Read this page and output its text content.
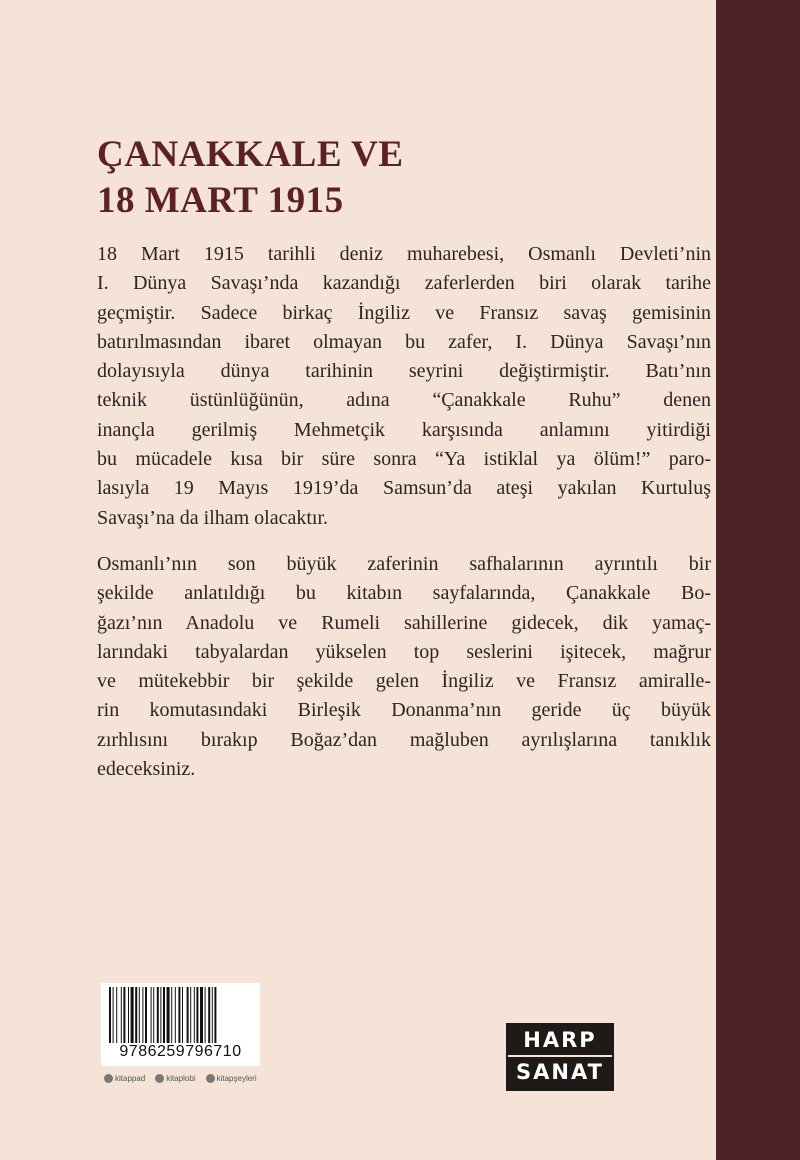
ÇANAKKALE VE
18 MART 1915
18 Mart 1915 tarihli deniz muharebesi, Osmanlı Devleti’nin
I. Dünya Savaşı’nda kazandığı zaferlerden biri olarak tarihe
geçmiştir. Sadece birkaç İngiliz ve Fransız savaş gemisinin
batırılmasından ibaret olmayan bu zafer, I. Dünya Savaşı’nın
dolayısıyla dünya tarihinin seyrini değiştirmiştir. Batı’nın
teknik üstünlüğünün, adına “Çanakkale Ruhu” denen
inançla gerilmiş Mehmetçik karşısında anlamını yitirdiği
bu mücadele kısa bir süre sonra “Ya istiklal ya ölüm!” paro-
lasıyla 19 Mayıs 1919’da Samsun’da ateşi yakılan Kurtuluş
Savaşı’na da ilham olacaktır.
Osmanlı’nın son büyük zaferinin safhalarının ayrıntılı bir
şekilde anlatıldığı bu kitabın sayfalarında, Çanakkale Bo-
ğazı’nın Anadolu ve Rumeli sahillerine gidecek, dik yamaç-
larındaki tabyalardan yükselen top seslerini işitecek, mağrur
ve mütekebbir bir şekilde gelen İngiliz ve Fransız amiralle-
rin komutasındaki Birleşik Donanma’nın geride üç büyük
zırhlısını bırakıp Boğaz’dan mağluben ayrılışlarına tanıklık
edeceksiniz.
9786259796710
kitappad	kitaplobi	kitapşeyleri
HARP
SANAT
